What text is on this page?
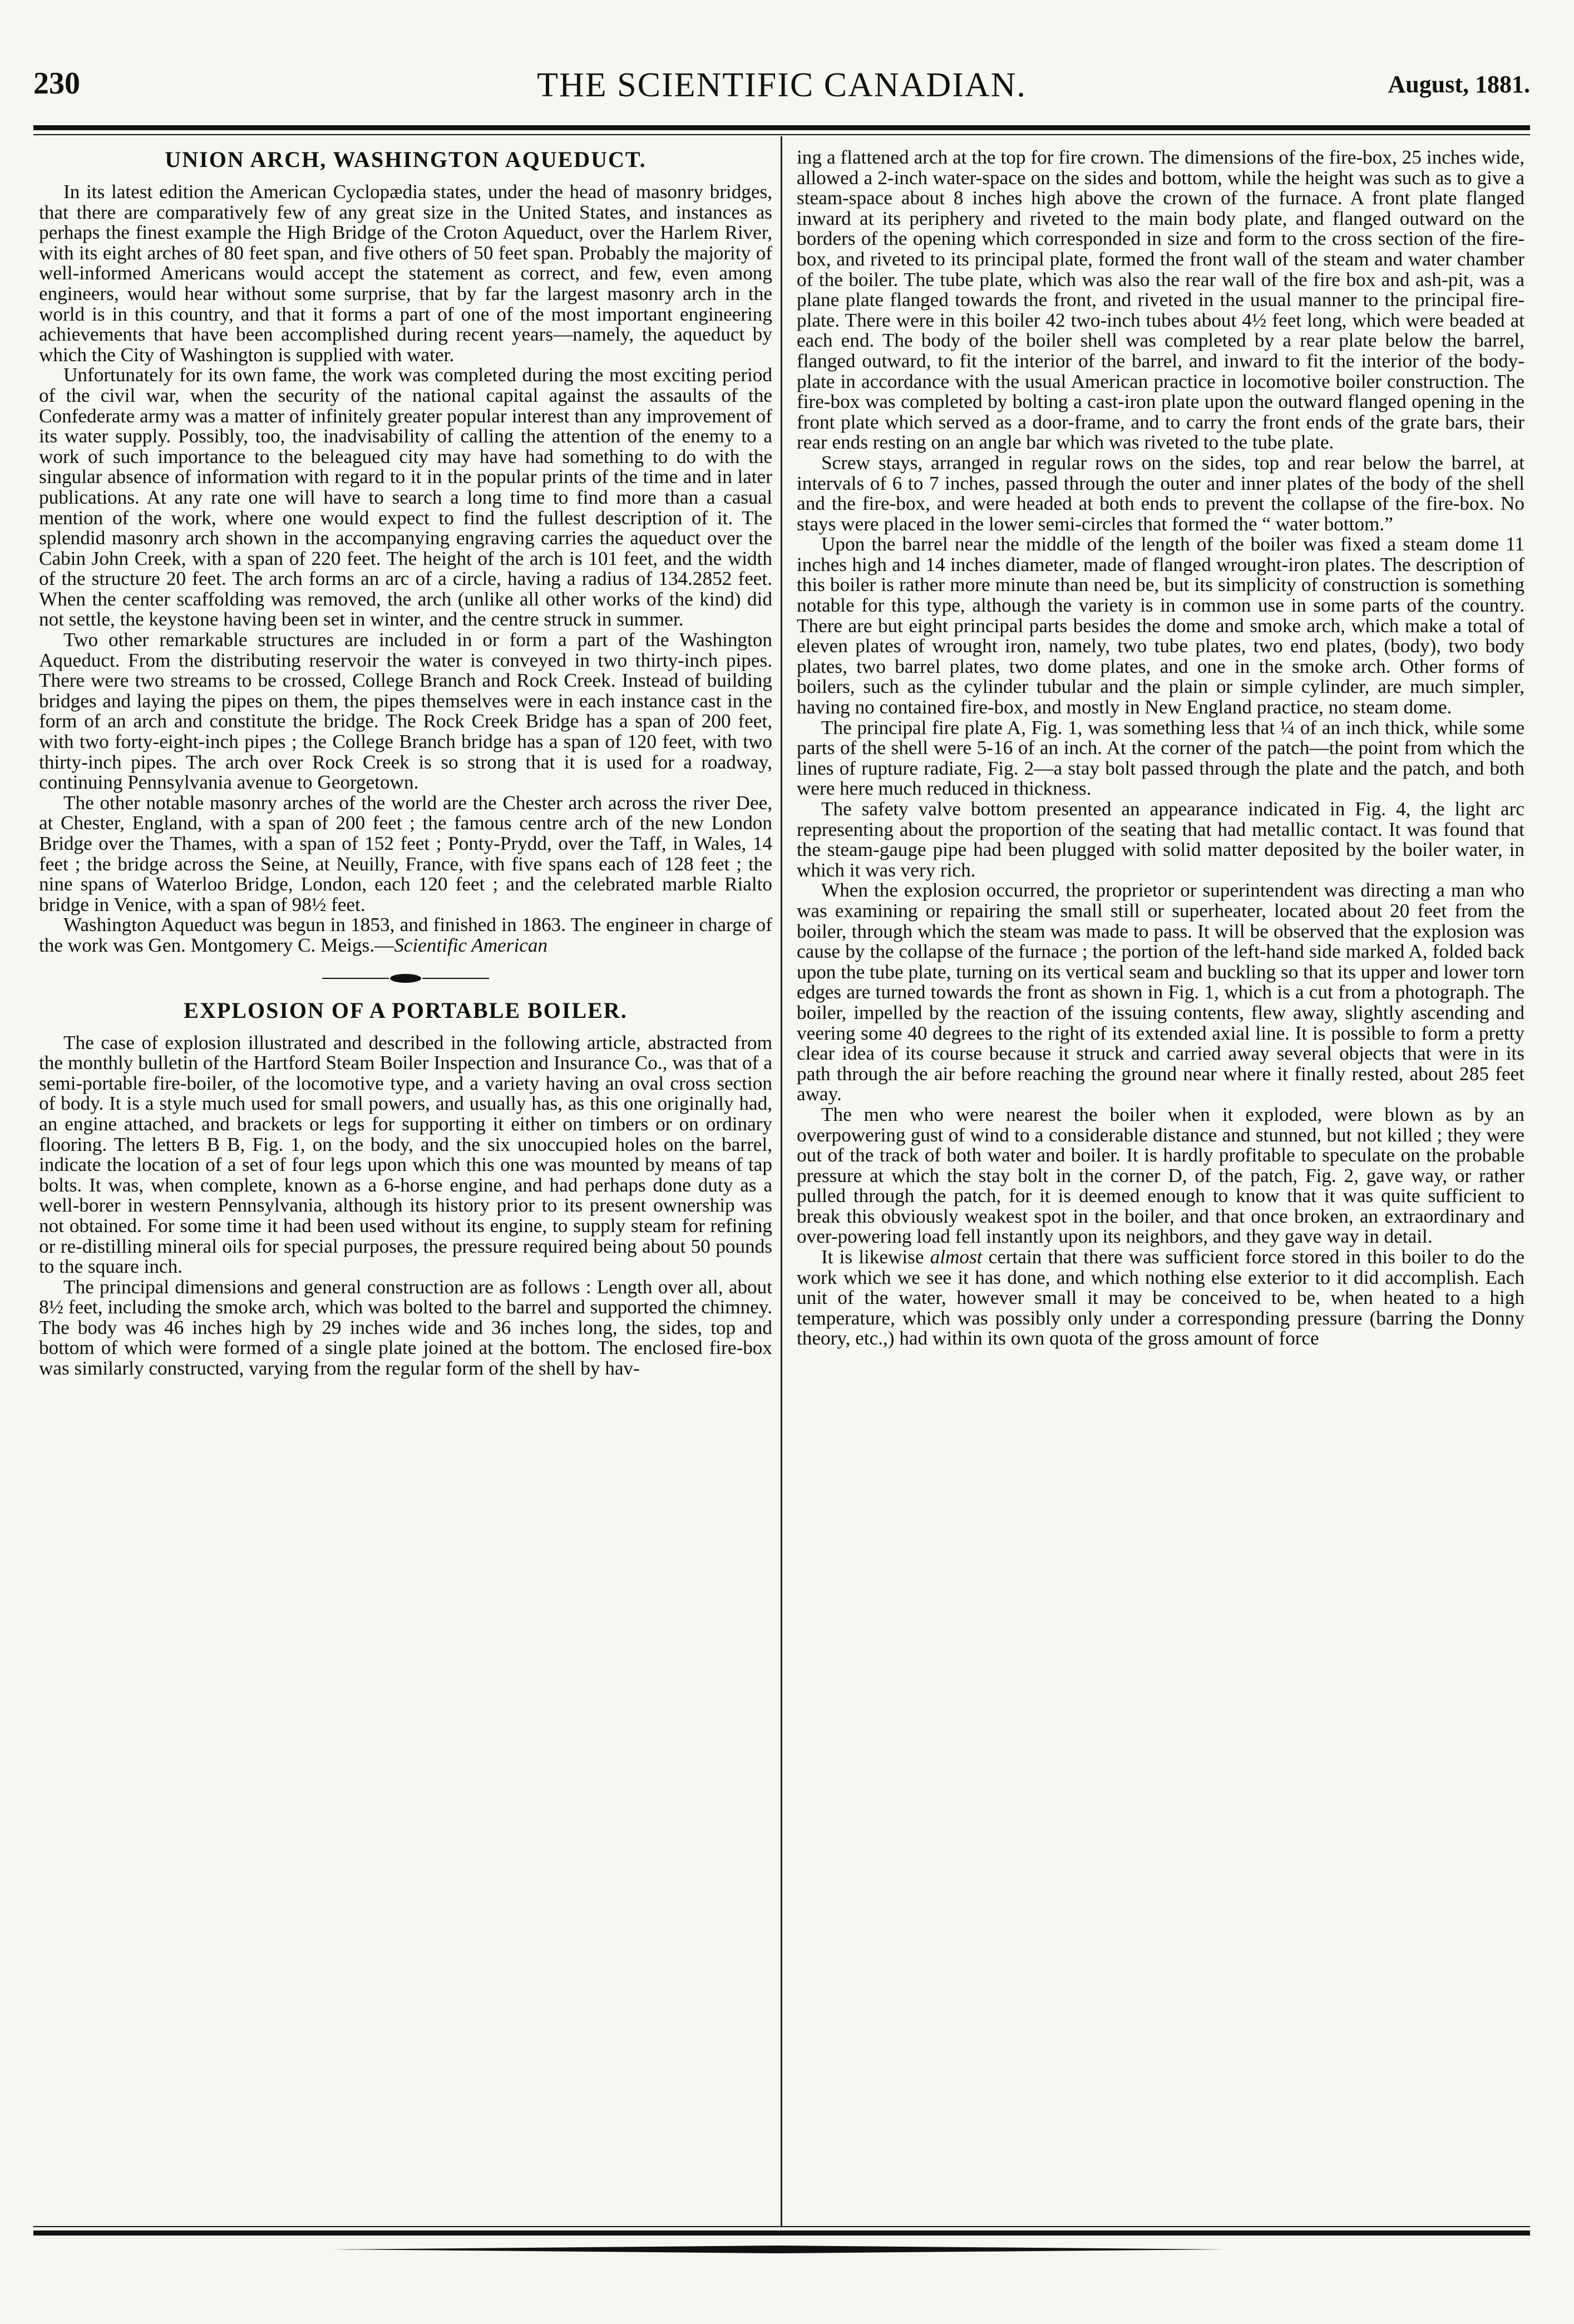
230	THE SCIENTIFIC CANADIAN.	August, 1881.
UNION ARCH, WASHINGTON AQUEDUCT.

In its latest edition the American Cyclopædia states, under the head of masonry bridges, that there are comparatively few of any great size in the United States, and instances as perhaps the finest example the High Bridge of the Croton Aqueduct, over the Harlem River, with its eight arches of 80 feet span, and five others of 50 feet span. Probably the majority of well-informed Americans would accept the statement as correct, and few, even among engineers, would hear without some surprise, that by far the largest masonry arch in the world is in this country, and that it forms a part of one of the most important engineering achievements that have been accomplished during recent years—namely, the aqueduct by which the City of Washington is supplied with water.

Unfortunately for its own fame, the work was completed during the most exciting period of the civil war, when the security of the national capital against the assaults of the Confederate army was a matter of infinitely greater popular interest than any improvement of its water supply. Possibly, too, the inadvisability of calling the attention of the enemy to a work of such importance to the beleagued city may have had something to do with the singular absence of information with regard to it in the popular prints of the time and in later publications. At any rate one will have to search a long time to find more than a casual mention of the work, where one would expect to find the fullest description of it. The splendid masonry arch shown in the accompanying engraving carries the aqueduct over the Cabin John Creek, with a span of 220 feet. The height of the arch is 101 feet, and the width of the structure 20 feet. The arch forms an arc of a circle, having a radius of 134.2852 feet. When the center scaffolding was removed, the arch (unlike all other works of the kind) did not settle, the keystone having been set in winter, and the centre struck in summer.

Two other remarkable structures are included in or form a part of the Washington Aqueduct. From the distributing reservoir the water is conveyed in two thirty-inch pipes. There were two streams to be crossed, College Branch and Rock Creek. Instead of building bridges and laying the pipes on them, the pipes themselves were in each instance cast in the form of an arch and constitute the bridge. The Rock Creek Bridge has a span of 200 feet, with two forty-eight-inch pipes ; the College Branch bridge has a span of 120 feet, with two thirty-inch pipes. The arch over Rock Creek is so strong that it is used for a roadway, continuing Pennsylvania avenue to Georgetown.

The other notable masonry arches of the world are the Chester arch across the river Dee, at Chester, England, with a span of 200 feet ; the famous centre arch of the new London Bridge over the Thames, with a span of 152 feet ; Ponty-Prydd, over the Taff, in Wales, 14 feet ; the bridge across the Seine, at Neuilly, France, with five spans each of 128 feet ; the nine spans of Waterloo Bridge, London, each 120 feet ; and the celebrated marble Rialto bridge in Venice, with a span of 98½ feet.

Washington Aqueduct was begun in 1853, and finished in 1863. The engineer in charge of the work was Gen. Montgomery C. Meigs.—Scientific American

EXPLOSION OF A PORTABLE BOILER.

The case of explosion illustrated and described in the following article, abstracted from the monthly bulletin of the Hartford Steam Boiler Inspection and Insurance Co., was that of a semi-portable fire-boiler, of the locomotive type, and a variety having an oval cross section of body. It is a style much used for small powers, and usually has, as this one originally had, an engine attached, and brackets or legs for supporting it either on timbers or on ordinary flooring. The letters B B, Fig. 1, on the body, and the six unoccupied holes on the barrel, indicate the location of a set of four legs upon which this one was mounted by means of tap bolts. It was, when complete, known as a 6-horse engine, and had perhaps done duty as a well-borer in western Pennsylvania, although its history prior to its present ownership was not obtained. For some time it had been used without its engine, to supply steam for refining or re-distilling mineral oils for special purposes, the pressure required being about 50 pounds to the square inch.

The principal dimensions and general construction are as follows : Length over all, about 8½ feet, including the smoke arch, which was bolted to the barrel and supported the chimney. The body was 46 inches high by 29 inches wide and 36 inches long, the sides, top and bottom of which were formed of a single plate joined at the bottom. The enclosed fire-box was similarly constructed, varying from the regular form of the shell by hav-

ing a flattened arch at the top for fire crown. The dimensions of the fire-box, 25 inches wide, allowed a 2-inch water-space on the sides and bottom, while the height was such as to give a steam-space about 8 inches high above the crown of the furnace. A front plate flanged inward at its periphery and riveted to the main body plate, and flanged outward on the borders of the opening which corresponded in size and form to the cross section of the fire-box, and riveted to its principal plate, formed the front wall of the steam and water chamber of the boiler. The tube plate, which was also the rear wall of the fire box and ash-pit, was a plane plate flanged towards the front, and riveted in the usual manner to the principal fire-plate. There were in this boiler 42 two-inch tubes about 4½ feet long, which were beaded at each end. The body of the boiler shell was completed by a rear plate below the barrel, flanged outward, to fit the interior of the barrel, and inward to fit the interior of the body-plate in accordance with the usual American practice in locomotive boiler construction. The fire-box was completed by bolting a cast-iron plate upon the outward flanged opening in the front plate which served as a door-frame, and to carry the front ends of the grate bars, their rear ends resting on an angle bar which was riveted to the tube plate.

Screw stays, arranged in regular rows on the sides, top and rear below the barrel, at intervals of 6 to 7 inches, passed through the outer and inner plates of the body of the shell and the fire-box, and were headed at both ends to prevent the collapse of the fire-box. No stays were placed in the lower semi-circles that formed the “ water bottom.”

Upon the barrel near the middle of the length of the boiler was fixed a steam dome 11 inches high and 14 inches diameter, made of flanged wrought-iron plates. The description of this boiler is rather more minute than need be, but its simplicity of construction is something notable for this type, although the variety is in common use in some parts of the country. There are but eight principal parts besides the dome and smoke arch, which make a total of eleven plates of wrought iron, namely, two tube plates, two end plates, (body), two body plates, two barrel plates, two dome plates, and one in the smoke arch. Other forms of boilers, such as the cylinder tubular and the plain or simple cylinder, are much simpler, having no contained fire-box, and mostly in New England practice, no steam dome.

The principal fire plate A, Fig. 1, was something less that ¼ of an inch thick, while some parts of the shell were 5-16 of an inch. At the corner of the patch—the point from which the lines of rupture radiate, Fig. 2—a stay bolt passed through the plate and the patch, and both were here much reduced in thickness.

The safety valve bottom presented an appearance indicated in Fig. 4, the light arc representing about the proportion of the seating that had metallic contact. It was found that the steam-gauge pipe had been plugged with solid matter deposited by the boiler water, in which it was very rich.

When the explosion occurred, the proprietor or superintendent was directing a man who was examining or repairing the small still or superheater, located about 20 feet from the boiler, through which the steam was made to pass. It will be observed that the explosion was cause by the collapse of the furnace ; the portion of the left-hand side marked A, folded back upon the tube plate, turning on its vertical seam and buckling so that its upper and lower torn edges are turned towards the front as shown in Fig. 1, which is a cut from a photograph. The boiler, impelled by the reaction of the issuing contents, flew away, slightly ascending and veering some 40 degrees to the right of its extended axial line. It is possible to form a pretty clear idea of its course because it struck and carried away several objects that were in its path through the air before reaching the ground near where it finally rested, about 285 feet away.

The men who were nearest the boiler when it exploded, were blown as by an overpowering gust of wind to a considerable distance and stunned, but not killed ; they were out of the track of both water and boiler. It is hardly profitable to speculate on the probable pressure at which the stay bolt in the corner D, of the patch, Fig. 2, gave way, or rather pulled through the patch, for it is deemed enough to know that it was quite sufficient to break this obviously weakest spot in the boiler, and that once broken, an extraordinary and over-powering load fell instantly upon its neighbors, and they gave way in detail.

It is likewise almost certain that there was sufficient force stored in this boiler to do the work which we see it has done, and which nothing else exterior to it did accomplish. Each unit of the water, however small it may be conceived to be, when heated to a high temperature, which was possibly only under a corresponding pressure (barring the Donny theory, etc.,) had within its own quota of the gross amount of force
